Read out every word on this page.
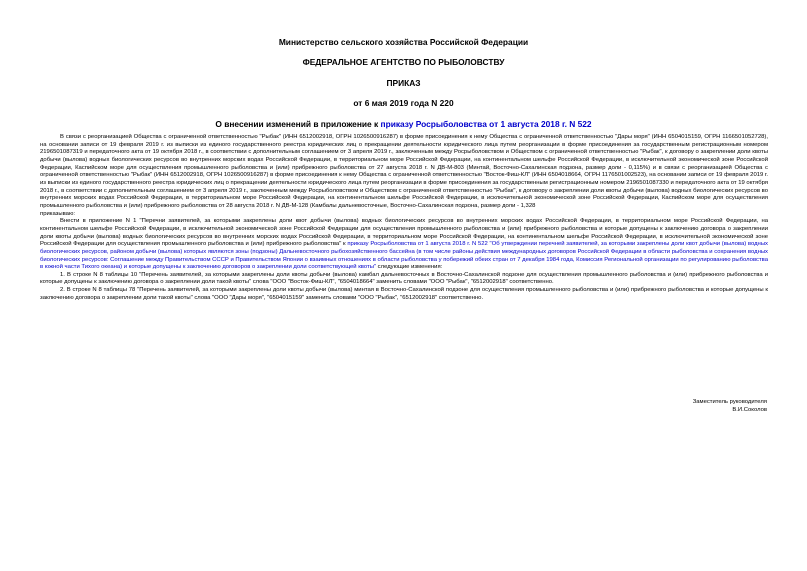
Министерство сельского хозяйства Российской Федерации
ФЕДЕРАЛЬНОЕ АГЕНТСТВО ПО РЫБОЛОВСТВУ
ПРИКАЗ
от 6 мая 2019 года N 220
О внесении изменений в приложение к приказу Росрыболовства от 1 августа 2018 г. N 522

В связи с реорганизацией Общества с ограниченной ответственностью "Рыбак" (ИНН 6512002918, ОГРН 1026500916287) в форме присоединения к нему Общества с ограниченной ответственностью "Дары моря" (ИНН 6504015159, ОГРН 1166501052728), на основании записи от 19 февраля 2019 г. из выписки из единого государственного реестра юридических лиц о прекращении деятельности юридического лица путем реорганизации в форме присоединения за государственным регистрационным номером 2196501087319 и передаточного акта от 19 октября 2018 г., в соответствии с дополнительным соглашением от 3 апреля 2019 г., заключенным между Росрыболовством и Обществом с ограниченной ответственностью "Рыбак", к договору о закреплении доли квоты добычи (вылова) водных биологических ресурсов во внутренних морских водах Российской Федерации, в территориальном море Российской Федерации, на континентальном шельфе Российской Федерации, в исключительной экономической зоне Российской Федерации, Каспийском море для осуществления промышленного рыболовства и (или) прибрежного рыболовства от 27 августа 2018 г. N ДВ-М-803 (Минтай, Восточно-Сахалинская подзона, размер доли - 0,115%) и в связи с реорганизацией Общества с ограниченной ответственностью "Рыбак" (ИНН 6512002918, ОГРН 1026500916287) в форме присоединения к нему Общества с ограниченной ответственностью "Восток-Фиш-КЛ" (ИНН 6504018664, ОГРН 1176501002523), на основании записи от 19 февраля 2019 г. из выписки из единого государственного реестра юридических лиц о прекращении деятельности юридического лица путем реорганизации в форме присоединения за государственным регистрационным номером 2196501087330 и передаточного акта от 19 октября 2018 г., в соответствии с дополнительным соглашением от 3 апреля 2019 г., заключенным между Росрыболовством и Обществом с ограниченной ответственностью "Рыбак", к договору о закреплении доли квоты добычи (вылова) водных биологических ресурсов во внутренних морских водах Российской Федерации, в территориальном море Российской Федерации, на континентальном шельфе Российской Федерации, в исключительной экономической зоне Российской Федерации, Каспийском море для осуществления промышленного рыболовства и (или) прибрежного рыболовства от 28 августа 2018 г. N ДВ-М-128 (Камбалы дальневосточные, Восточно-Сахалинская подзона, размер доли - 1,328

приказываю:

Внести в приложение N 1 "Перечни заявителей, за которыми закреплены доли квот добычи (вылова) водных биологических ресурсов во внутренних морских водах Российской Федерации, в территориальном море Российской Федерации, на континентальном шельфе Российской Федерации, в исключительной экономической зоне Российской Федерации для осуществления промышленного рыболовства и (или) прибрежного рыболовства и которые допущены к заключению договора о закреплении доли квоты добычи (вылова) водных биологических ресурсов во внутренних морских водах Российской Федерации, в территориальном море Российской Федерации, на континентальном шельфе Российской Федерации, в исключительной экономической зоне Российской Федерации для осуществления промышленного рыболовства и (или) прибрежного рыболовства" к приказу Росрыболовства от 1 августа 2018 г. N 522 "Об утверждении перечней заявителей, за которыми закреплены доли квот добычи (вылова) водных биологических ресурсов, районом добычи (вылова) которых являются зоны (подзоны) Дальневосточного рыбохозяйственного бассейна (в том числе районы действия международных договоров Российской Федерации в области рыболовства и сохранения водных биологических ресурсов: Соглашение между Правительством СССР и Правительством Японии о взаимных отношениях в области рыболовства у побережий обеих стран от 7 декабря 1984 года, Комиссия Региональной организации по регулированию рыболовства в южной части Тихого океана) и которые допущены к заключению договоров о закреплении доли соответствующей квоты" следующие изменения:

1. В строке N 8 таблицы 10 "Перечень заявителей, за которыми закреплены доли квоты добычи (вылова) камбал дальневосточных в Восточно-Сахалинской подзоне для осуществления промышленного рыболовства и (или) прибрежного рыболовства и которые допущены к заключению договора о закреплении доли такой квоты" слова "ООО "Восток-Фиш-КЛ", "6504018664" заменить словами "ООО "Рыбак", "6512002918" соответственно.

2. В строке N 8 таблицы 78 "Перечень заявителей, за которыми закреплены доли квоты добычи (вылова) минтая в Восточно-Сахалинской подзоне для осуществления промышленного рыболовства и (или) прибрежного рыболовства и которые допущены к заключению договора о закреплении доли такой квоты" слова "ООО "Дары моря", "6504015159" заменить словами "ООО "Рыбак", "6512002918" соответственно.

Заместитель руководителя
В.И.Соколов
